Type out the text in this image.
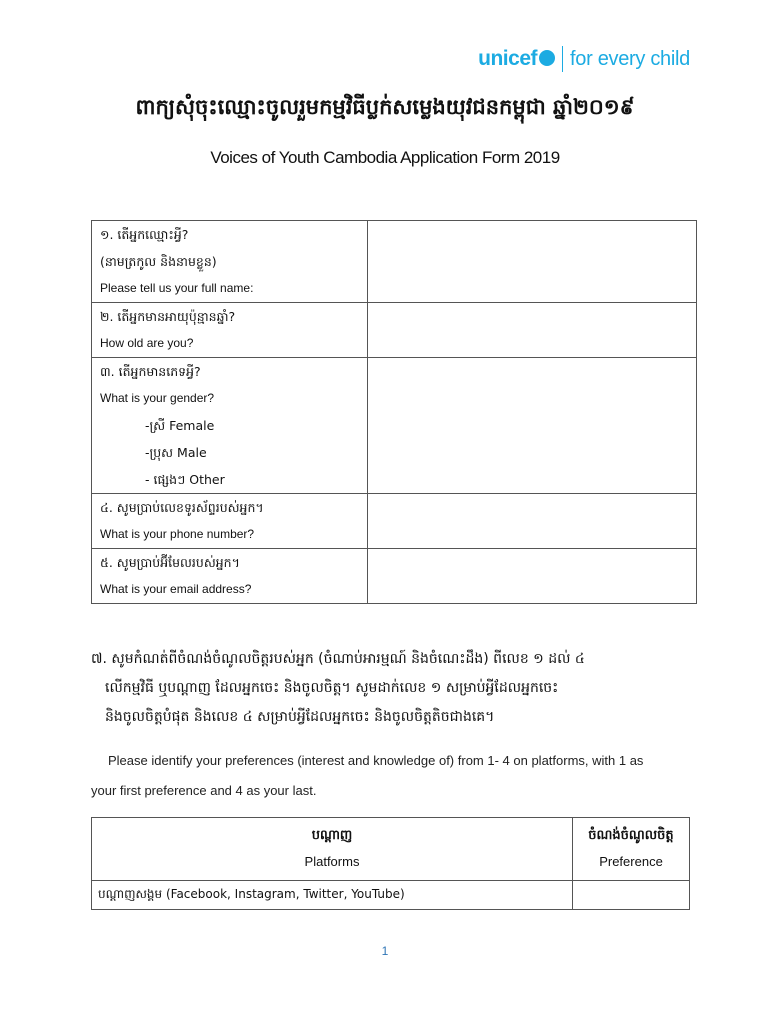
unicef for every child
ពាក្យសុំចុះឈ្មោះចូលរួមកម្មវិធីប្លក់សម្លេងយុវជនកម្ពុជា ឆ្នាំ២០១៩
Voices of Youth Cambodia Application Form 2019
១. តើអ្នកឈ្មោះអ្វី?
(នាមត្រកូល និងនាមខ្លួន)
Please tell us your full name:	

២. តើអ្នកមានអាយុប៉ុន្មានឆ្នាំ?
How old are you?	

៣. តើអ្នកមានភេទអ្វី?
What is your gender?
-ស្រី Female
-ប្រុស Male
- ផ្សេងៗ Other	

៤. សូមប្រាប់លេខទូរស័ព្ទរបស់អ្នក។
What is your phone number?	

៥. សូមប្រាប់អ៊ីមែលរបស់អ្នក។
What is your email address?	

៧. សូមកំណត់ពីចំណង់ចំណូលចិត្តរបស់អ្នក (ចំណាប់អារម្មណ៍ និងចំណេះដឹង) ពីលេខ ១ ដល់ ៤
លើកម្មវិធី ឬបណ្តាញ ដែលអ្នកចេះ និងចូលចិត្ត។ សូមដាក់លេខ ១ សម្រាប់អ្វីដែលអ្នកចេះ
និងចូលចិត្តបំផុត និងលេខ ៤ សម្រាប់អ្វីដែលអ្នកចេះ និងចូលចិត្តតិចជាងគេ។
Please identify your preferences (interest and knowledge of) from 1- 4 on platforms, with 1 as
your first preference and 4 as your last.
បណ្តាញ
Platforms	ចំណង់ចំណូលចិត្ត
Preference

បណ្តាញសង្គម (Facebook, Instagram, Twitter, YouTube)	
1
